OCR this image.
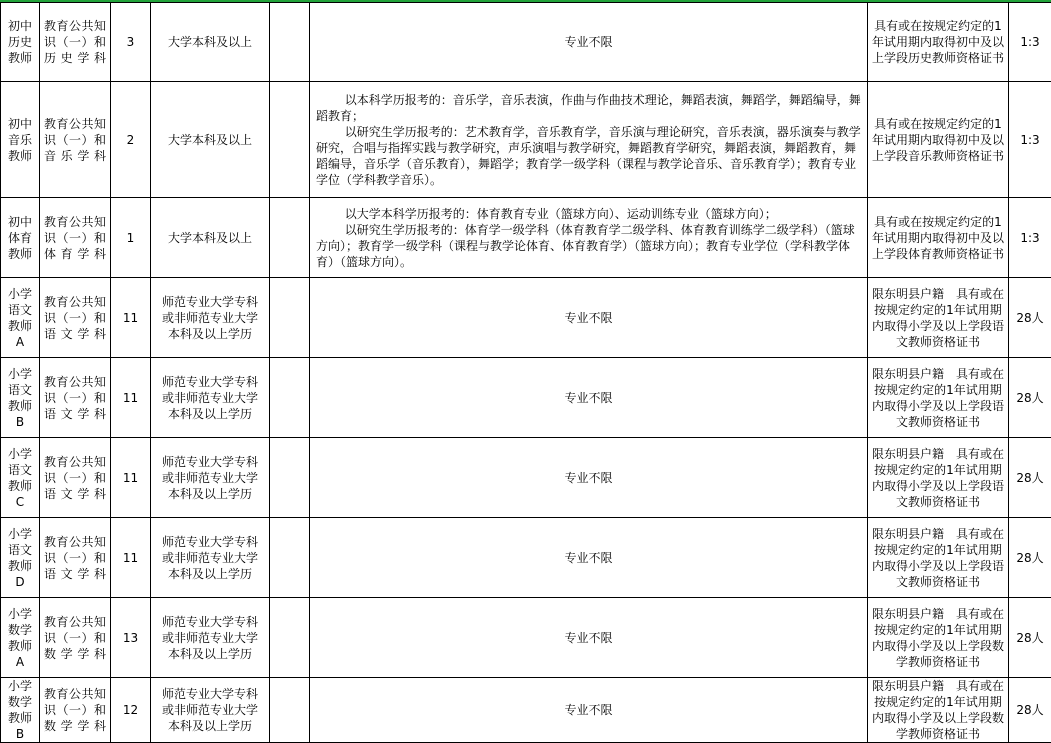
初中
历史
教师	教育公共知识（一）和历史学科	3	大学本科及以上		专业不限	具有或在按规定约定的1年试用期内取得初中及以上学段历史教师资格证书	1:3

初中
音乐
教师	教育公共知识（一）和音乐学科	2	大学本科及以上		以本科学历报考的：音乐学，音乐表演，作曲与作曲技术理论，舞蹈表演，舞蹈学，舞蹈编导，舞蹈教育；
以研究生学历报考的：艺术教育学，音乐教育学，音乐演与理论研究，音乐表演，器乐演奏与教学研究，合唱与指挥实践与教学研究，声乐演唱与教学研究，舞蹈教育学研究，舞蹈表演，舞蹈教育，舞蹈编导，音乐学（音乐教育），舞蹈学；教育学一级学科（课程与教学论音乐、音乐教育学）；教育专业学位（学科教学音乐）。	具有或在按规定约定的1年试用期内取得初中及以上学段音乐教师资格证书	1:3

初中
体育
教师	教育公共知识（一）和体育学科	1	大学本科及以上		以大学本科学历报考的：体育教育专业（篮球方向）、运动训练专业（篮球方向）；
以研究生学历报考的：体育学一级学科（体育教育学二级学科、体育教育训练学二级学科）（篮球方向）；教育学一级学科（课程与教学论体育、体育教育学）（篮球方向）；教育专业学位（学科教学体育）（篮球方向）。	具有或在按规定约定的1年试用期内取得初中及以上学段体育教师资格证书	1:3

小学
语文
教师A	教育公共知识（一）和语文学科	11	师范专业大学专科或非师范专业大学本科及以上学历		专业不限	限东明县户籍　具有或在按规定约定的1年试用期内取得小学及以上学段语文教师资格证书	28人

小学
语文
教师B	教育公共知识（一）和语文学科	11	师范专业大学专科或非师范专业大学本科及以上学历		专业不限	限东明县户籍　具有或在按规定约定的1年试用期内取得小学及以上学段语文教师资格证书	28人

小学
语文
教师C	教育公共知识（一）和语文学科	11	师范专业大学专科或非师范专业大学本科及以上学历		专业不限	限东明县户籍　具有或在按规定约定的1年试用期内取得小学及以上学段语文教师资格证书	28人

小学
语文
教师D	教育公共知识（一）和语文学科	11	师范专业大学专科或非师范专业大学本科及以上学历		专业不限	限东明县户籍　具有或在按规定约定的1年试用期内取得小学及以上学段语文教师资格证书	28人

小学
数学
教师A	教育公共知识（一）和数学学科	13	师范专业大学专科或非师范专业大学本科及以上学历		专业不限	限东明县户籍　具有或在按规定约定的1年试用期内取得小学及以上学段数学教师资格证书	28人

小学
数学
教师B	教育公共知识（一）和数学学科	12	师范专业大学专科或非师范专业大学本科及以上学历		专业不限	限东明县户籍　具有或在按规定约定的1年试用期内取得小学及以上学段数学教师资格证书	28人
